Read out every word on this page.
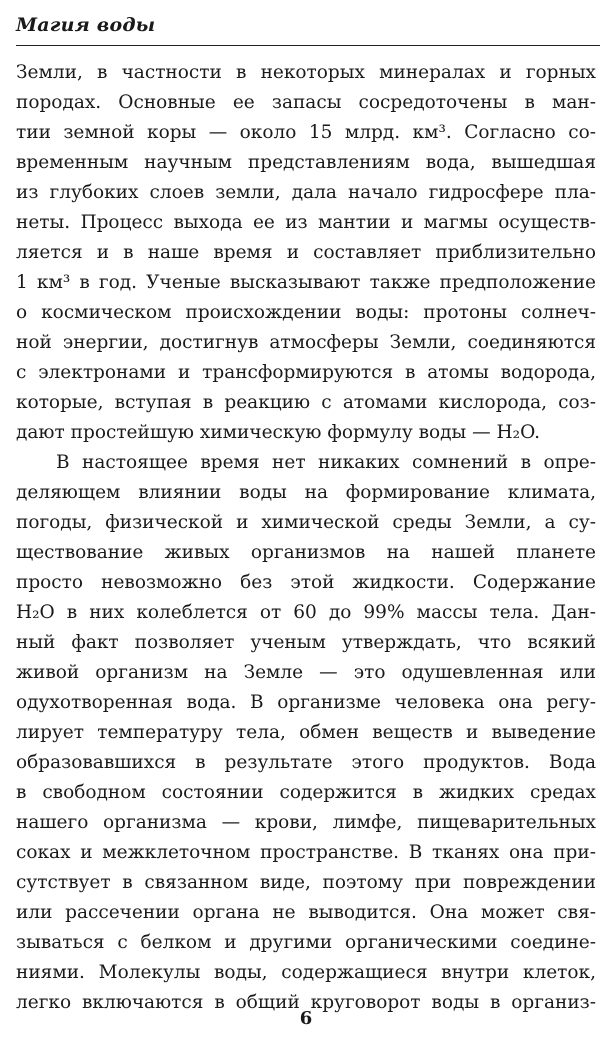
Магия воды
Земли, в частности в некоторых минералах и горных
породах. Основные ее запасы сосредоточены в ман-
тии земной коры — около 15 млрд. км³. Согласно со-
временным научным представлениям вода, вышедшая
из глубоких слоев земли, дала начало гидросфере пла-
неты. Процесс выхода ее из мантии и магмы осуществ-
ляется и в наше время и составляет приблизительно
1 км³ в год. Ученые высказывают также предположение
о космическом происхождении воды: протоны солнеч-
ной энергии, достигнув атмосферы Земли, соединяются
с электронами и трансформируются в атомы водорода,
которые, вступая в реакцию с атомами кислорода, соз-
дают простейшую химическую формулу воды — H₂O.
В настоящее время нет никаких сомнений в опре-
деляющем влиянии воды на формирование климата,
погоды, физической и химической среды Земли, а су-
ществование живых организмов на нашей планете
просто невозможно без этой жидкости. Содержание
H₂O в них колеблется от 60 до 99% массы тела. Дан-
ный факт позволяет ученым утверждать, что всякий
живой организм на Земле — это одушевленная или
одухотворенная вода. В организме человека она регу-
лирует температуру тела, обмен веществ и выведение
образовавшихся в результате этого продуктов. Вода
в свободном состоянии содержится в жидких средах
нашего организма — крови, лимфе, пищеварительных
соках и межклеточном пространстве. В тканях она при-
сутствует в связанном виде, поэтому при повреждении
или рассечении органа не выводится. Она может свя-
зываться с белком и другими органическими соедине-
ниями. Молекулы воды, содержащиеся внутри клеток,
легко включаются в общий круговорот воды в организ-
6
